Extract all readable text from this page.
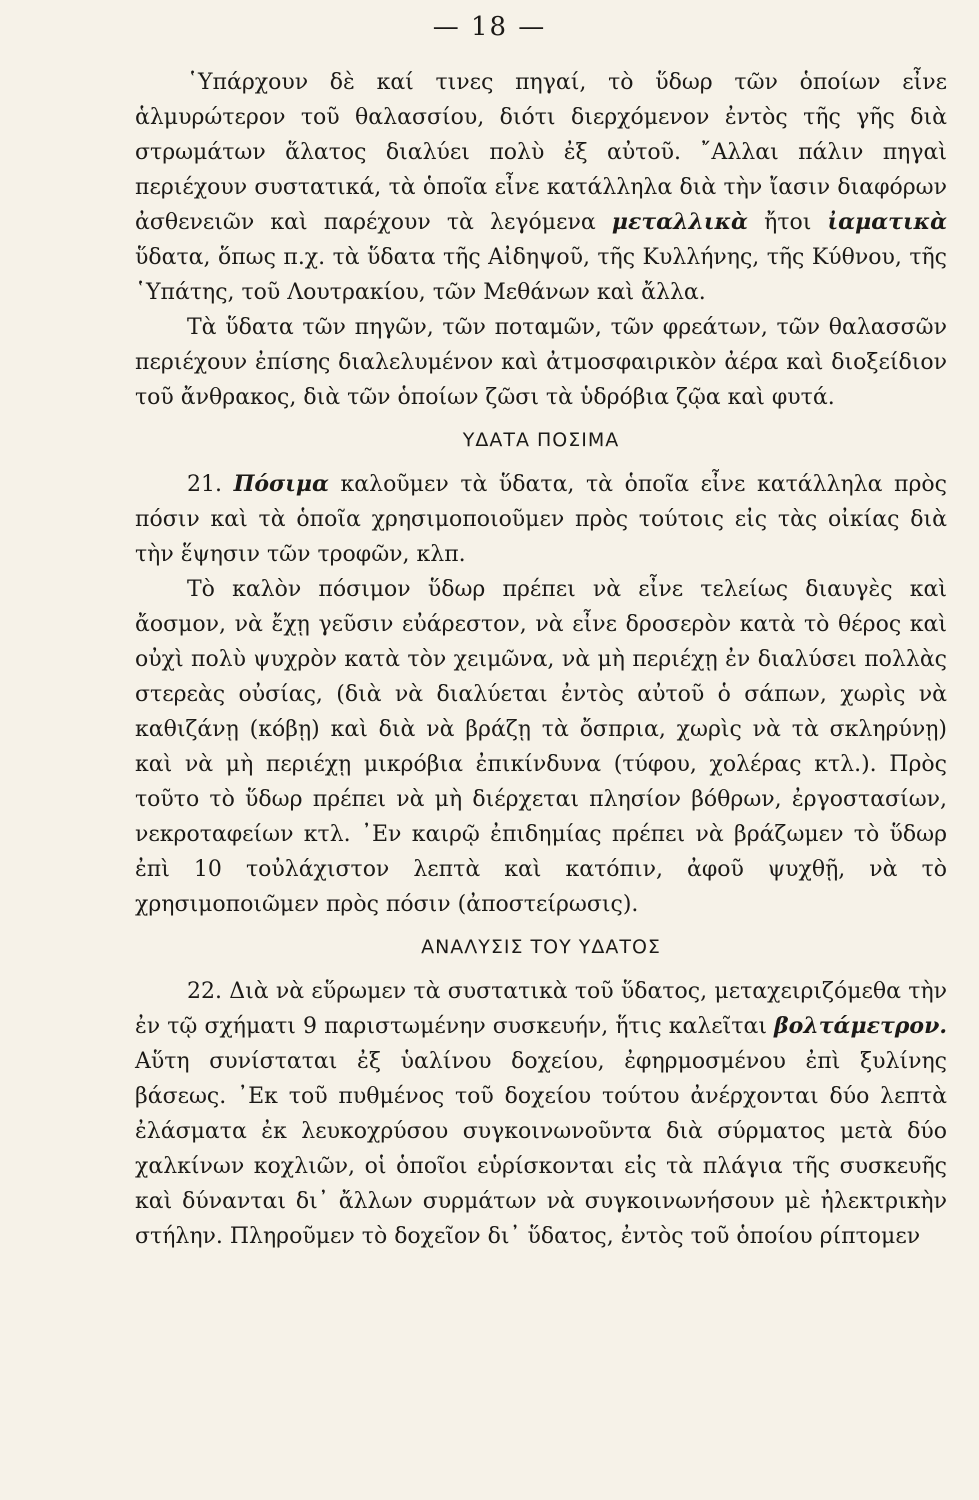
— 18 —

῾Υπάρχουν δὲ καί τινες πηγαί, τὸ ὕδωρ τῶν ὁποίων εἶνε ἁλμυρώτερον τοῦ θαλασσίου, διότι διερχόμενον ἐντὸς τῆς γῆς διὰ στρωμάτων ἅλατος διαλύει πολὺ ἐξ αὐτοῦ. ῎Αλλαι πάλιν πηγαὶ περιέχουν συστατικά, τὰ ὁποῖα εἶνε κατάλληλα διὰ τὴν ἴασιν διαφόρων ἀσθενειῶν καὶ παρέχουν τὰ λεγόμενα μεταλλικὰ ἤτοι ἰαματικὰ ὕδατα, ὅπως π.χ. τὰ ὕδατα τῆς Αἰδηψοῦ, τῆς Κυλλήνης, τῆς Κύθνου, τῆς ῾Υπάτης, τοῦ Λουτρακίου, τῶν Μεθάνων καὶ ἄλλα.

Τὰ ὕδατα τῶν πηγῶν, τῶν ποταμῶν, τῶν φρεάτων, τῶν θαλασσῶν περιέχουν ἐπίσης διαλελυμένον καὶ ἀτμοσφαιρικὸν ἀέρα καὶ διοξείδιον τοῦ ἄνθρακος, διὰ τῶν ὁποίων ζῶσι τὰ ὑδρόβια ζῷα καὶ φυτά.

ΥΔΑΤΑ ΠΟΣΙΜΑ

21. Πόσιμα καλοῦμεν τὰ ὕδατα, τὰ ὁποῖα εἶνε κατάλληλα πρὸς πόσιν καὶ τὰ ὁποῖα χρησιμοποιοῦμεν πρὸς τούτοις εἰς τὰς οἰκίας διὰ τὴν ἕψησιν τῶν τροφῶν, κλπ.

Τὸ καλὸν πόσιμον ὕδωρ πρέπει νὰ εἶνε τελείως διαυγὲς καὶ ἄοσμον, νὰ ἔχῃ γεῦσιν εὐάρεστον, νὰ εἶνε δροσερὸν κατὰ τὸ θέρος καὶ οὐχὶ πολὺ ψυχρὸν κατὰ τὸν χειμῶνα, νὰ μὴ περιέχῃ ἐν διαλύσει πολλὰς στερεὰς οὐσίας, (διὰ νὰ διαλύεται ἐντὸς αὐτοῦ ὁ σάπων, χωρὶς νὰ καθιζάνῃ (κόβῃ) καὶ διὰ νὰ βράζῃ τὰ ὄσπρια, χωρὶς νὰ τὰ σκληρύνῃ) καὶ νὰ μὴ περιέχῃ μικρόβια ἐπικίνδυνα (τύφου, χολέρας κτλ.). Πρὸς τοῦτο τὸ ὕδωρ πρέπει νὰ μὴ διέρχεται πλησίον βόθρων, ἐργοστασίων, νεκροταφείων κτλ. ᾿Εν καιρῷ ἐπιδημίας πρέπει νὰ βράζωμεν τὸ ὕδωρ ἐπὶ 10 τοὐλάχιστον λεπτὰ καὶ κατόπιν, ἀφοῦ ψυχθῇ, νὰ τὸ χρησιμοποιῶμεν πρὸς πόσιν (ἀποστείρωσις).

ΑΝΑΛΥΣΙΣ ΤΟΥ ΥΔΑΤΟΣ

22. Διὰ νὰ εὕρωμεν τὰ συστατικὰ τοῦ ὕδατος, μεταχειριζόμεθα τὴν ἐν τῷ σχήματι 9 παριστωμένην συσκευήν, ἥτις καλεῖται βολτάμετρον. Αὕτη συνίσταται ἐξ ὑαλίνου δοχείου, ἐφηρμοσμένου ἐπὶ ξυλίνης βάσεως. ᾿Εκ τοῦ πυθμένος τοῦ δοχείου τούτου ἀνέρχονται δύο λεπτὰ ἐλάσματα ἐκ λευκοχρύσου συγκοινωνοῦντα διὰ σύρματος μετὰ δύο χαλκίνων κοχλιῶν, οἱ ὁποῖοι εὑρίσκονται εἰς τὰ πλάγια τῆς συσκευῆς καὶ δύνανται δι᾿ ἄλλων συρμάτων νὰ συγκοινωνήσουν μὲ ἠλεκτρικὴν στήλην. Πληροῦμεν τὸ δοχεῖον δι᾿ ὕδατος, ἐντὸς τοῦ ὁποίου ρίπτομεν
